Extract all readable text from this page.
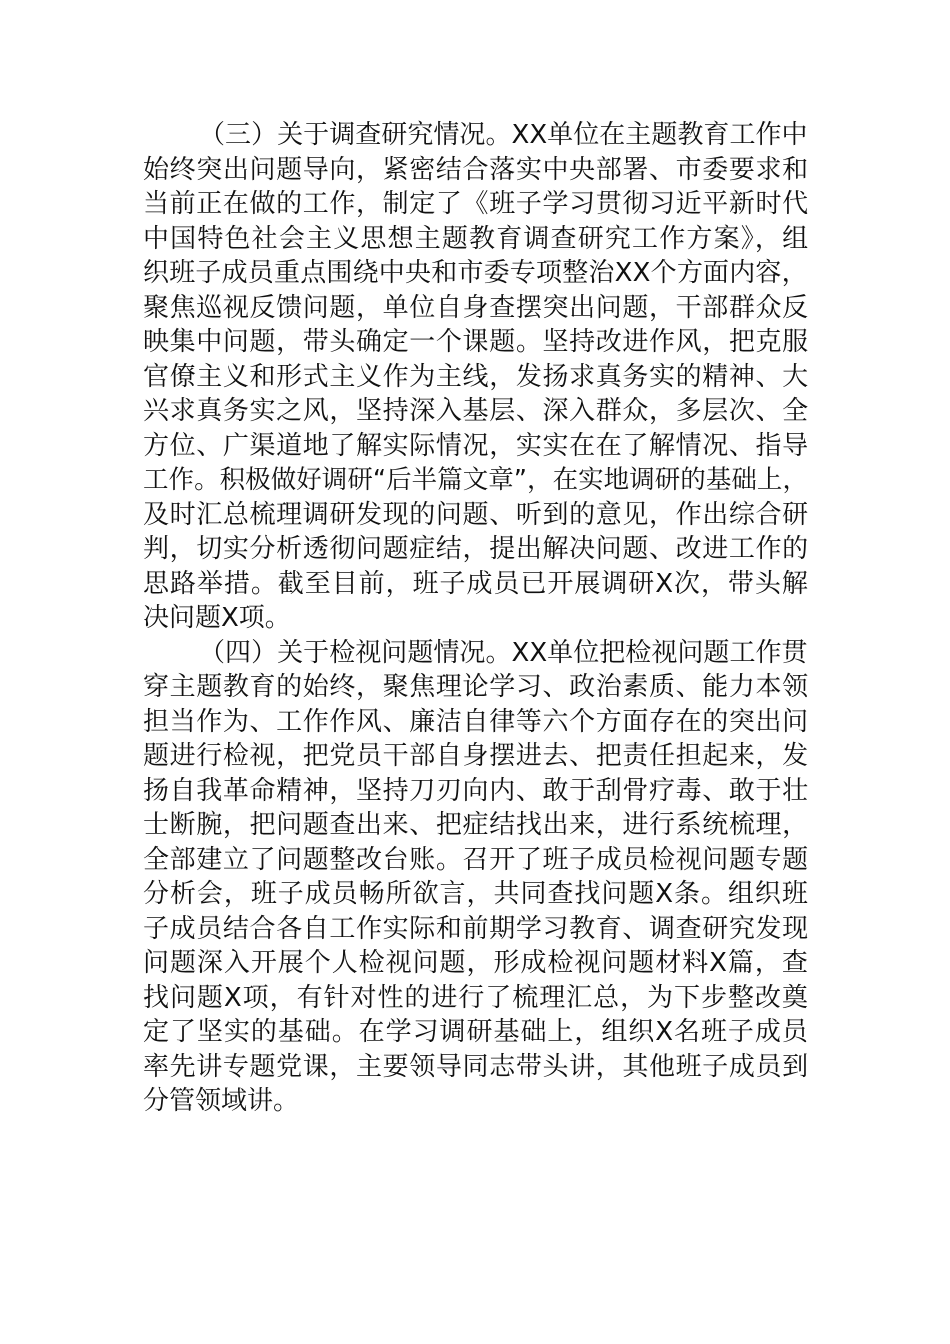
（三）关于调查研究情况。XX单位在主题教育工作中
始终突出问题导向，紧密结合落实中央部署、市委要求和
当前正在做的工作，制定了《班子学习贯彻习近平新时代
中国特色社会主义思想主题教育调查研究工作方案》，组
织班子成员重点围绕中央和市委专项整治XX个方面内容，
聚焦巡视反馈问题，单位自身查摆突出问题，干部群众反
映集中问题，带头确定一个课题。坚持改进作风，把克服
官僚主义和形式主义作为主线，发扬求真务实的精神、大
兴求真务实之风，坚持深入基层、深入群众，多层次、全
方位、广渠道地了解实际情况，实实在在了解情况、指导
工作。积极做好调研“后半篇文章”，在实地调研的基础上，
及时汇总梳理调研发现的问题、听到的意见，作出综合研
判，切实分析透彻问题症结，提出解决问题、改进工作的
思路举措。截至目前，班子成员已开展调研X次，带头解
决问题X项。
（四）关于检视问题情况。XX单位把检视问题工作贯
穿主题教育的始终，聚焦理论学习、政治素质、能力本领
担当作为、工作作风、廉洁自律等六个方面存在的突出问
题进行检视，把党员干部自身摆进去、把责任担起来，发
扬自我革命精神，坚持刀刃向内、敢于刮骨疗毒、敢于壮
士断腕，把问题查出来、把症结找出来，进行系统梳理，
全部建立了问题整改台账。召开了班子成员检视问题专题
分析会，班子成员畅所欲言，共同查找问题X条。组织班
子成员结合各自工作实际和前期学习教育、调查研究发现
问题深入开展个人检视问题，形成检视问题材料X篇，查
找问题X项，有针对性的进行了梳理汇总，为下步整改奠
定了坚实的基础。在学习调研基础上，组织X名班子成员
率先讲专题党课，主要领导同志带头讲，其他班子成员到
分管领域讲。
